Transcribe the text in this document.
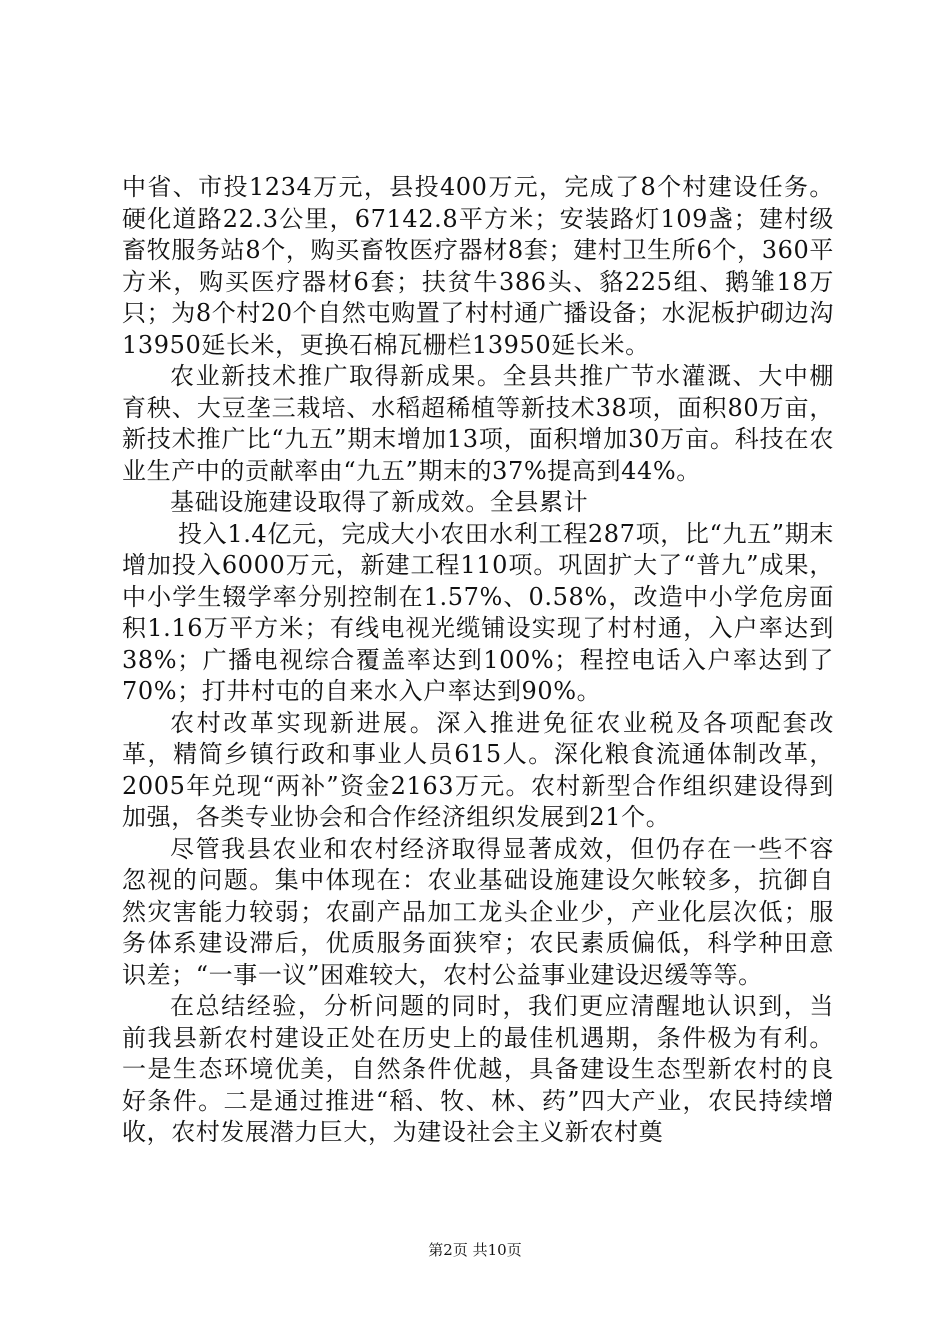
中省、市投1234万元，县投400万元，完成了8个村建设任务。硬化道路22.3公里，67142.8平方米；安装路灯109盏；建村级畜牧服务站8个，购买畜牧医疗器材8套；建村卫生所6个，360平方米，购买医疗器材6套；扶贫牛386头、貉225组、鹅雏18万只；为8个村20个自然屯购置了村村通广播设备；水泥板护砌边沟13950延长米，更换石棉瓦栅栏13950延长米。

农业新技术推广取得新成果。全县共推广节水灌溉、大中棚育秧、大豆垄三栽培、水稻超稀植等新技术38项，面积80万亩，新技术推广比“九五”期末增加13项，面积增加30万亩。科技在农业生产中的贡献率由“九五”期末的37%提高到44%。

基础设施建设取得了新成效。全县累计

投入1.4亿元，完成大小农田水利工程287项，比“九五”期末增加投入6000万元，新建工程110项。巩固扩大了“普九”成果，中小学生辍学率分别控制在1.57%、0.58%，改造中小学危房面积1.16万平方米；有线电视光缆铺设实现了村村通，入户率达到38%；广播电视综合覆盖率达到100%；程控电话入户率达到了70%；打井村屯的自来水入户率达到90%。

农村改革实现新进展。深入推进免征农业税及各项配套改革，精简乡镇行政和事业人员615人。深化粮食流通体制改革，2005年兑现“两补”资金2163万元。农村新型合作组织建设得到加强，各类专业协会和合作经济组织发展到21个。

尽管我县农业和农村经济取得显著成效，但仍存在一些不容忽视的问题。集中体现在：农业基础设施建设欠帐较多，抗御自然灾害能力较弱；农副产品加工龙头企业少，产业化层次低；服务体系建设滞后，优质服务面狭窄；农民素质偏低，科学种田意识差；“一事一议”困难较大，农村公益事业建设迟缓等等。

在总结经验，分析问题的同时，我们更应清醒地认识到，当前我县新农村建设正处在历史上的最佳机遇期，条件极为有利。一是生态环境优美，自然条件优越，具备建设生态型新农村的良好条件。二是通过推进“稻、牧、林、药”四大产业，农民持续增收，农村发展潜力巨大，为建设社会主义新农村奠

第2页 共10页
